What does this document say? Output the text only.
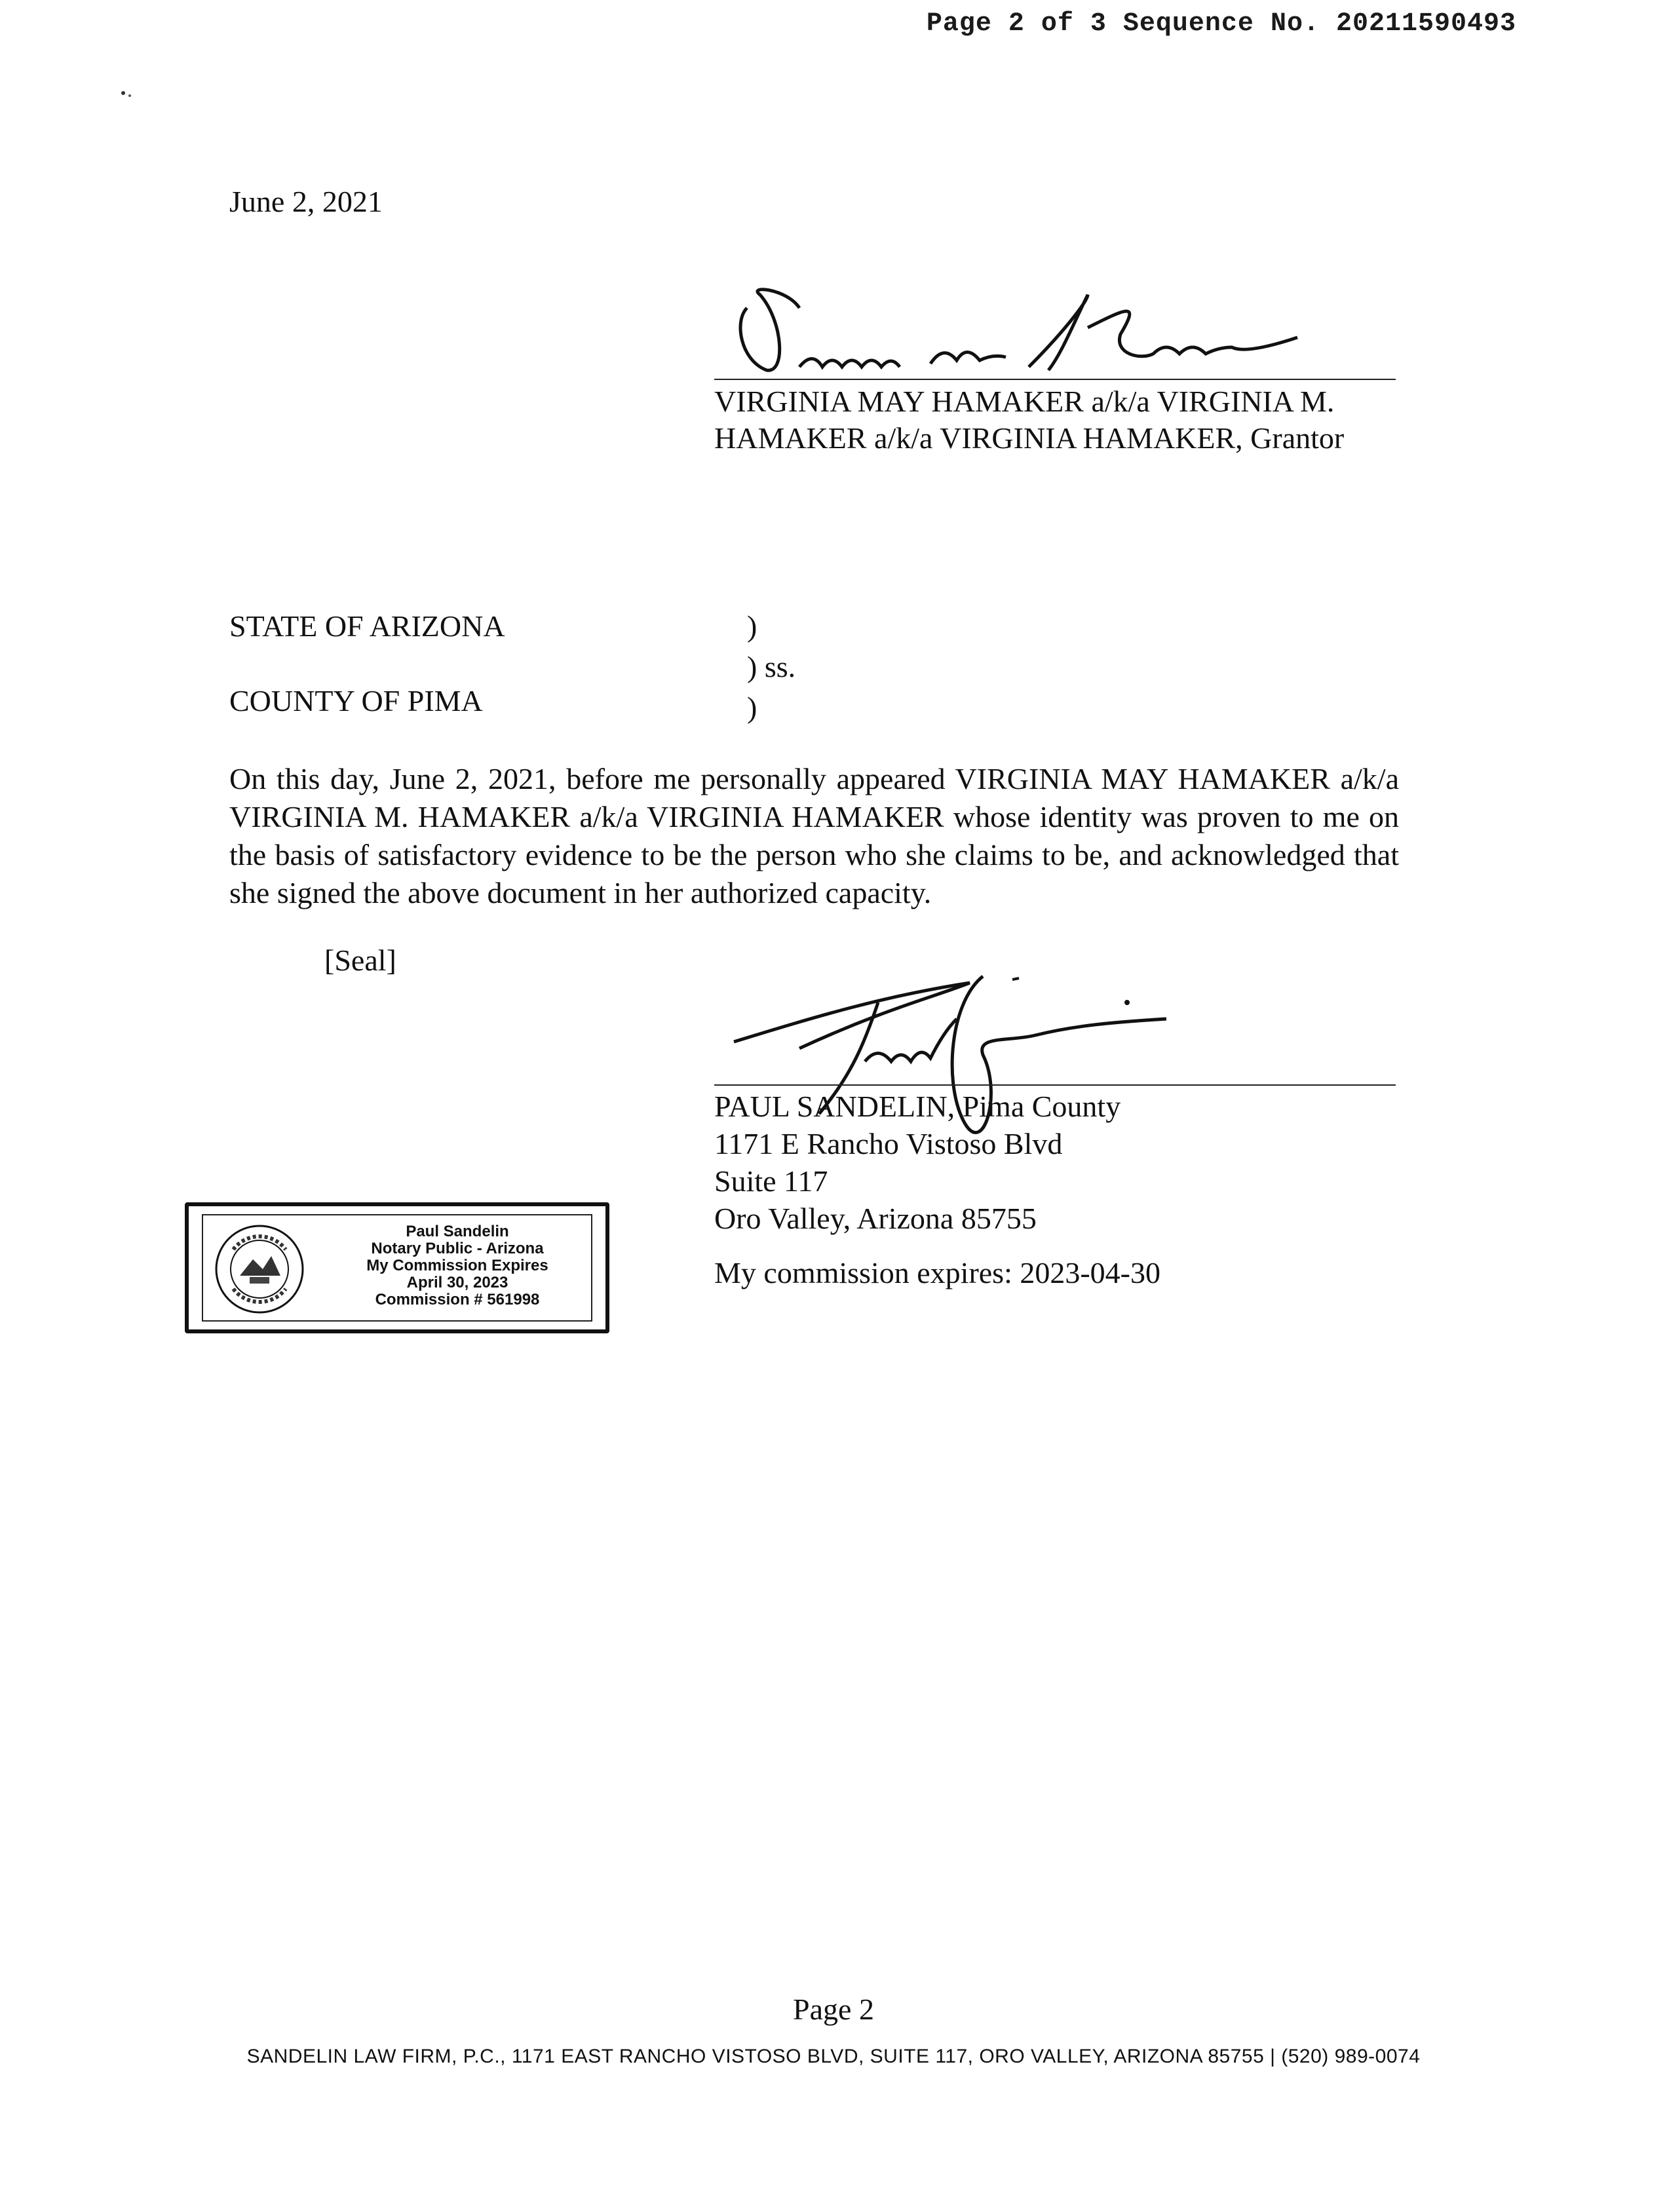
Page 2 of 3 Sequence No. 20211590493
June 2, 2021
VIRGINIA MAY HAMAKER a/k/a VIRGINIA M.
HAMAKER a/k/a VIRGINIA HAMAKER, Grantor
STATE OF ARIZONA
COUNTY OF PIMA
)
) ss.
)
On this day, June 2, 2021, before me personally appeared VIRGINIA MAY HAMAKER a/k/a VIRGINIA M. HAMAKER a/k/a VIRGINIA HAMAKER whose identity was proven to me on the basis of satisfactory evidence to be the person who she claims to be, and acknowledged that she signed the above document in her authorized capacity.
[Seal]
PAUL SANDELIN, Pima County
1171 E Rancho Vistoso Blvd
Suite 117
Oro Valley, Arizona 85755
My commission expires: 2023-04-30
Paul Sandelin
Notary Public - Arizona
My Commission Expires
April 30, 2023
Commission # 561998
Page 2
SANDELIN LAW FIRM, P.C., 1171 EAST RANCHO VISTOSO BLVD, SUITE 117, ORO VALLEY, ARIZONA 85755 | (520) 989-0074
